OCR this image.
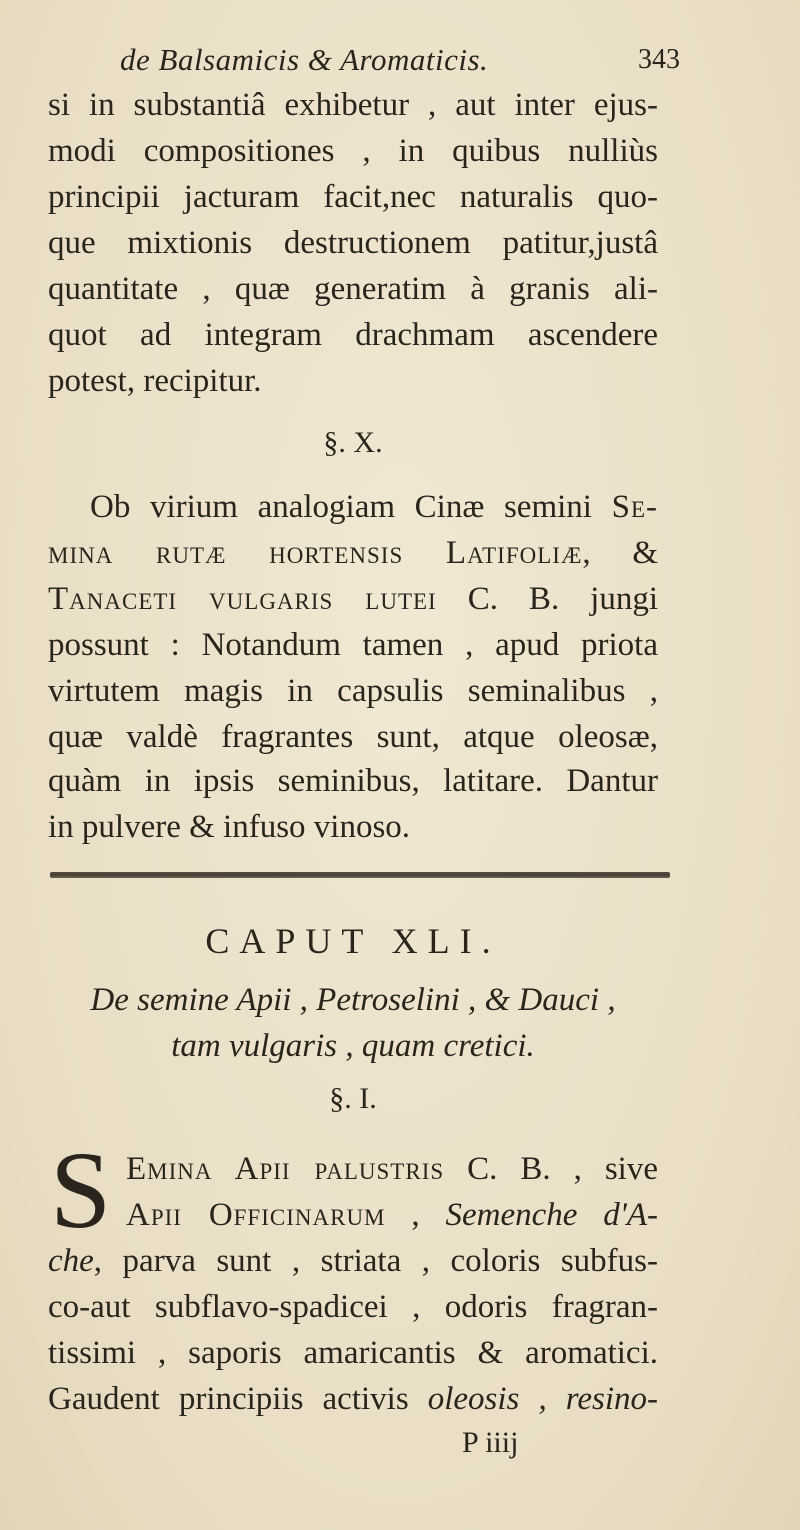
de Balsamicis & Aromaticis.	343
si in substantiâ exhibetur , aut inter ejus-
modi compositiones , in quibus nulliùs
principii jacturam facit,nec naturalis quo-
que mixtionis destructionem patitur,justâ
quantitate , quæ generatim à granis ali-
quot ad integram drachmam ascendere
potest, recipitur.
§. X.
Ob virium analogiam Cinæ semini Se-
mina rutæ hortensis Latifoliæ, &
Tanaceti vulgaris lutei C. B. jungi
possunt : Notandum tamen , apud priota
virtutem magis in capsulis seminalibus ,
quæ valdè fragrantes sunt, atque oleosæ,
quàm in ipsis seminibus, latitare. Dantur
in pulvere & infuso vinoso.
CAPUT XLI.
De semine Apii , Petroselini , & Dauci ,
tam vulgaris , quam cretici.
§. I.
S Emina Apii palustris C. B. , sive
Apii Officinarum , Semenche d'A-
che, parva sunt , striata , coloris subfus-
co-aut subflavo-spadicei , odoris fragran-
tissimi , saporis amaricantis & aromatici.
Gaudent principiis activis oleosis , resino-
P iiij
